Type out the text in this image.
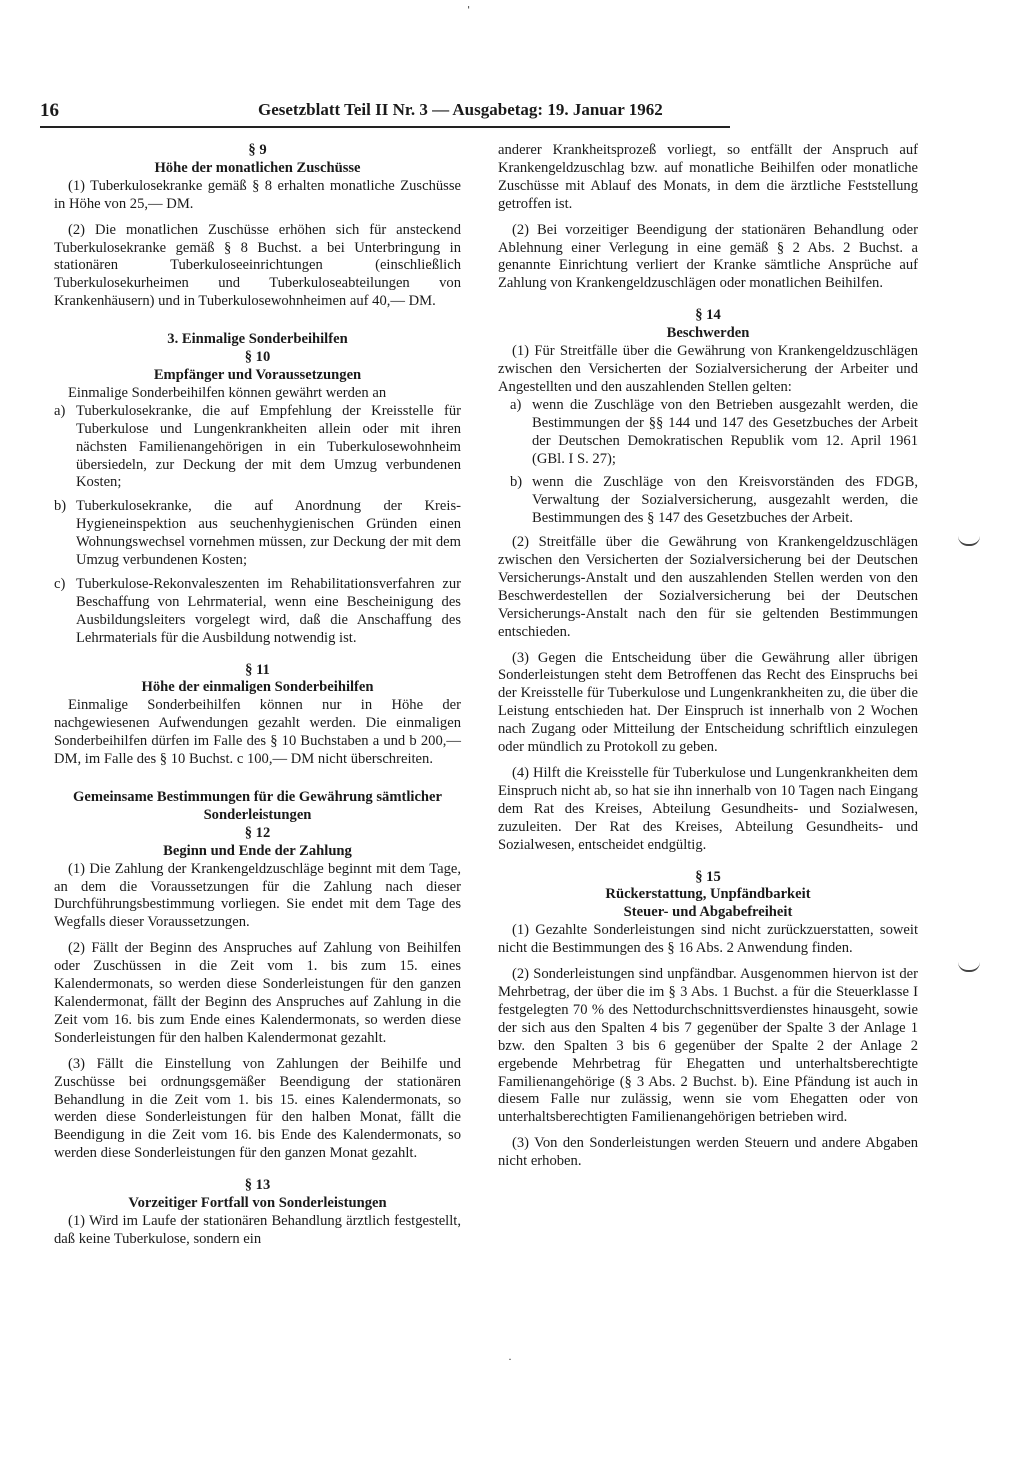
ˈ
16	Gesetzblatt Teil II Nr. 3 — Ausgabetag: 19. Januar 1962

§ 9

Höhe der monatlichen Zuschüsse

(1) Tuberkulosekranke gemäß § 8 erhalten monatliche Zuschüsse in Höhe von 25,— DM.

(2) Die monatlichen Zuschüsse erhöhen sich für ansteckend Tuberkulosekranke gemäß § 8 Buchst. a bei Unterbringung in stationären Tuberkuloseeinrichtungen (einschließlich Tuberkulosekurheimen und Tuberkuloseabteilungen von Krankenhäusern) und in Tuberkulosewohnheimen auf 40,— DM.

3. Einmalige Sonderbeihilfen

§ 10

Empfänger und Voraussetzungen

Einmalige Sonderbeihilfen können gewährt werden an

a) Tuberkulosekranke, die auf Empfehlung der Kreisstelle für Tuberkulose und Lungenkrankheiten allein oder mit ihren nächsten Familienangehörigen in ein Tuberkulosewohnheim übersiedeln, zur Deckung der mit dem Umzug verbundenen Kosten;
b) Tuberkulosekranke, die auf Anordnung der Kreis-Hygieneinspektion aus seuchenhygienischen Gründen einen Wohnungswechsel vornehmen müssen, zur Deckung der mit dem Umzug verbundenen Kosten;
c) Tuberkulose-Rekonvaleszenten im Rehabilitationsverfahren zur Beschaffung von Lehrmaterial, wenn eine Bescheinigung des Ausbildungsleiters vorgelegt wird, daß die Anschaffung des Lehrmaterials für die Ausbildung notwendig ist.

§ 11

Höhe der einmaligen Sonderbeihilfen

Einmalige Sonderbeihilfen können nur in Höhe der nachgewiesenen Aufwendungen gezahlt werden. Die einmaligen Sonderbeihilfen dürfen im Falle des § 10 Buchstaben a und b 200,— DM, im Falle des § 10 Buchst. c 100,— DM nicht überschreiten.

Gemeinsame Bestimmungen für die Gewährung sämtlicher Sonderleistungen

§ 12

Beginn und Ende der Zahlung

(1) Die Zahlung der Krankengeldzuschläge beginnt mit dem Tage, an dem die Voraussetzungen für die Zahlung nach dieser Durchführungsbestimmung vorliegen. Sie endet mit dem Tage des Wegfalls dieser Voraussetzungen.

(2) Fällt der Beginn des Anspruches auf Zahlung von Beihilfen oder Zuschüssen in die Zeit vom 1. bis zum 15. eines Kalendermonats, so werden diese Sonderleistungen für den ganzen Kalendermonat, fällt der Beginn des Anspruches auf Zahlung in die Zeit vom 16. bis zum Ende eines Kalendermonats, so werden diese Sonderleistungen für den halben Kalendermonat gezahlt.

(3) Fällt die Einstellung von Zahlungen der Beihilfe und Zuschüsse bei ordnungsgemäßer Beendigung der stationären Behandlung in die Zeit vom 1. bis 15. eines Kalendermonats, so werden diese Sonderleistungen für den halben Monat, fällt die Beendigung in die Zeit vom 16. bis Ende des Kalendermonats, so werden diese Sonderleistungen für den ganzen Monat gezahlt.

§ 13

Vorzeitiger Fortfall von Sonderleistungen

(1) Wird im Laufe der stationären Behandlung ärztlich festgestellt, daß keine Tuberkulose, sondern ein

anderer Krankheitsprozeß vorliegt, so entfällt der Anspruch auf Krankengeldzuschlag bzw. auf monatliche Beihilfen oder monatliche Zuschüsse mit Ablauf des Monats, in dem die ärztliche Feststellung getroffen ist.

(2) Bei vorzeitiger Beendigung der stationären Behandlung oder Ablehnung einer Verlegung in eine gemäß § 2 Abs. 2 Buchst. a genannte Einrichtung verliert der Kranke sämtliche Ansprüche auf Zahlung von Krankengeldzuschlägen oder monatlichen Beihilfen.

§ 14

Beschwerden

(1) Für Streitfälle über die Gewährung von Krankengeldzuschlägen zwischen den Versicherten der Sozialversicherung der Arbeiter und Angestellten und den auszahlenden Stellen gelten:

a) wenn die Zuschläge von den Betrieben ausgezahlt werden, die Bestimmungen der §§ 144 und 147 des Gesetzbuches der Arbeit der Deutschen Demokratischen Republik vom 12. April 1961 (GBl. I S. 27);
b) wenn die Zuschläge von den Kreisvorständen des FDGB, Verwaltung der Sozialversicherung, ausgezahlt werden, die Bestimmungen des § 147 des Gesetzbuches der Arbeit.

(2) Streitfälle über die Gewährung von Krankengeldzuschlägen zwischen den Versicherten der Sozialversicherung bei der Deutschen Versicherungs-Anstalt und den auszahlenden Stellen werden von den Beschwerdestellen der Sozialversicherung bei der Deutschen Versicherungs-Anstalt nach den für sie geltenden Bestimmungen entschieden.

(3) Gegen die Entscheidung über die Gewährung aller übrigen Sonderleistungen steht dem Betroffenen das Recht des Einspruchs bei der Kreisstelle für Tuberkulose und Lungenkrankheiten zu, die über die Leistung entschieden hat. Der Einspruch ist innerhalb von 2 Wochen nach Zugang oder Mitteilung der Entscheidung schriftlich einzulegen oder mündlich zu Protokoll zu geben.

(4) Hilft die Kreisstelle für Tuberkulose und Lungenkrankheiten dem Einspruch nicht ab, so hat sie ihn innerhalb von 10 Tagen nach Eingang dem Rat des Kreises, Abteilung Gesundheits- und Sozialwesen, zuzuleiten. Der Rat des Kreises, Abteilung Gesundheits- und Sozialwesen, entscheidet endgültig.

§ 15

Rückerstattung, Unpfändbarkeit

Steuer- und Abgabefreiheit

(1) Gezahlte Sonderleistungen sind nicht zurückzuerstatten, soweit nicht die Bestimmungen des § 16 Abs. 2 Anwendung finden.

(2) Sonderleistungen sind unpfändbar. Ausgenommen hiervon ist der Mehrbetrag, der über die im § 3 Abs. 1 Buchst. a für die Steuerklasse I festgelegten 70 % des Nettodurchschnittsverdienstes hinausgeht, sowie der sich aus den Spalten 4 bis 7 gegenüber der Spalte 3 der Anlage 1 bzw. den Spalten 3 bis 6 gegenüber der Spalte 2 der Anlage 2 ergebende Mehrbetrag für Ehegatten und unterhaltsberechtigte Familienangehörige (§ 3 Abs. 2 Buchst. b). Eine Pfändung ist auch in diesem Falle nur zulässig, wenn sie vom Ehegatten oder von unterhaltsberechtigten Familienangehörigen betrieben wird.

(3) Von den Sonderleistungen werden Steuern und andere Abgaben nicht erhoben.

·
